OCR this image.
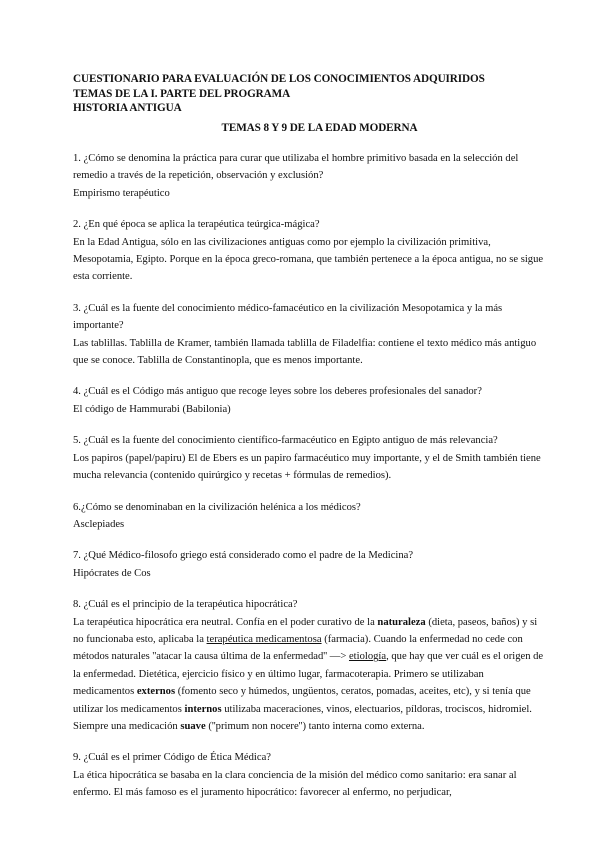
CUESTIONARIO PARA EVALUACIÓN DE LOS CONOCIMIENTOS ADQUIRIDOS
TEMAS DE LA I. PARTE DEL PROGRAMA
HISTORIA ANTIGUA
TEMAS 8 Y 9 DE LA EDAD MODERNA

1. ¿Cómo se denomina la práctica para curar que utilizaba el hombre primitivo basada en la selección del remedio a través de la repetición, observación y exclusión?

Empirismo terapéutico

2. ¿En qué época se aplica la terapéutica teúrgica-mágica?

En la Edad Antigua, sólo en las civilizaciones antiguas como por ejemplo la civilización primitiva, Mesopotamia, Egipto. Porque en la época greco-romana, que también pertenece a la época antigua, no se sigue esta corriente.

3. ¿Cuál es la fuente del conocimiento médico-famacéutico en la civilización Mesopotamica y la más importante?

Las tablillas. Tablilla de Kramer, también llamada tablilla de Filadelfia: contiene el texto médico más antiguo que se conoce. Tablilla de Constantinopla, que es menos importante.

4. ¿Cuál es el Código más antiguo que recoge leyes sobre los deberes profesionales del sanador?

El código de Hammurabi (Babilonia)

5. ¿Cuál es la fuente del conocimiento científico-farmacéutico en Egipto antiguo de más relevancia?

Los papiros (papel/papiru) El de Ebers es un papiro farmacéutico muy importante, y el de Smith también tiene mucha relevancia (contenido quirúrgico y recetas + fórmulas de remedios).

6.¿Cómo se denominaban en la civilización helénica a los médicos?

Asclepiades

7. ¿Qué Médico-filosofo griego está considerado como el padre de la Medicina?

Hipócrates de Cos

8. ¿Cuál es el principio de la terapéutica hipocrática?

La terapéutica hipocrática era neutral. Confía en el poder curativo de la naturaleza (dieta, paseos, baños) y si no funcionaba esto, aplicaba la terapéutica medicamentosa (farmacia). Cuando la enfermedad no cede con métodos naturales ''atacar la causa última de la enfermedad'' —> etiología, que hay que ver cuál es el origen de la enfermedad. Dietética, ejercicio físico y en último lugar, farmacoterapia. Primero se utilizaban medicamentos externos (fomento seco y húmedos, ungüentos, ceratos, pomadas, aceites, etc), y si tenía que utilizar los medicamentos internos utilizaba maceraciones, vinos, electuarios, píldoras, trociscos, hidromiel. Siempre una medicación suave (''primum non nocere'') tanto interna como externa.

9. ¿Cuál es el primer Código de Ética Médica?

La ética hipocrática se basaba en la clara conciencia de la misión del médico como sanitario: era sanar al enfermo. El más famoso es el juramento hipocrático: favorecer al enfermo, no perjudicar,
